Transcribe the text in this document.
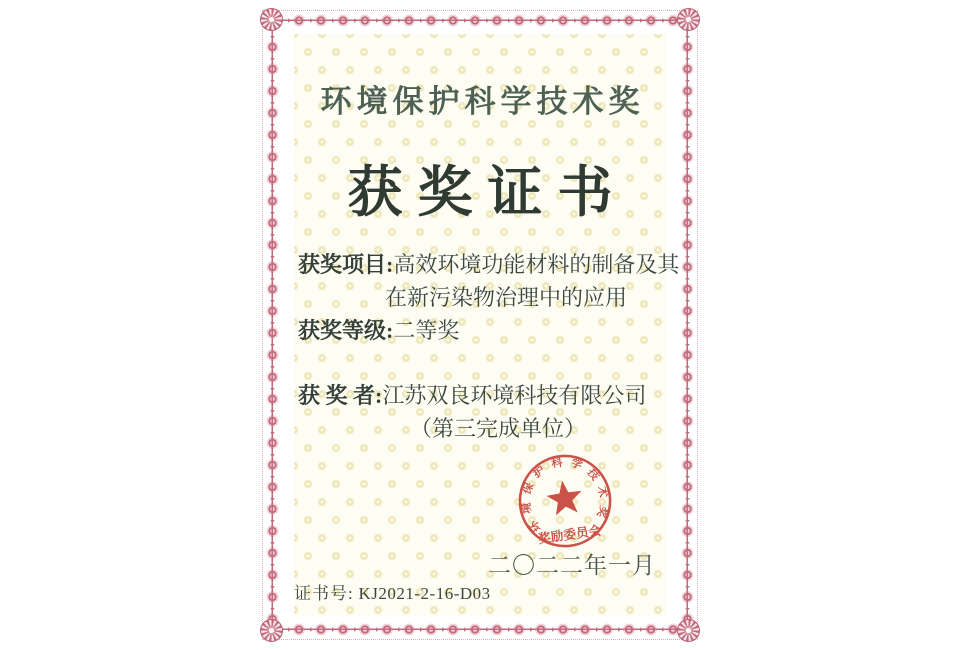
环境保护科学技术奖
获奖证书
获奖项目:高效环境功能材料的制备及其
在新污染物治理中的应用
获奖等级:二等奖
获 奖 者:江苏双良环境科技有限公司
（第三完成单位）
环境保护科学技术奖
奖励委员会
二〇二二年一月
证书号: KJ2021-2-16-D03
